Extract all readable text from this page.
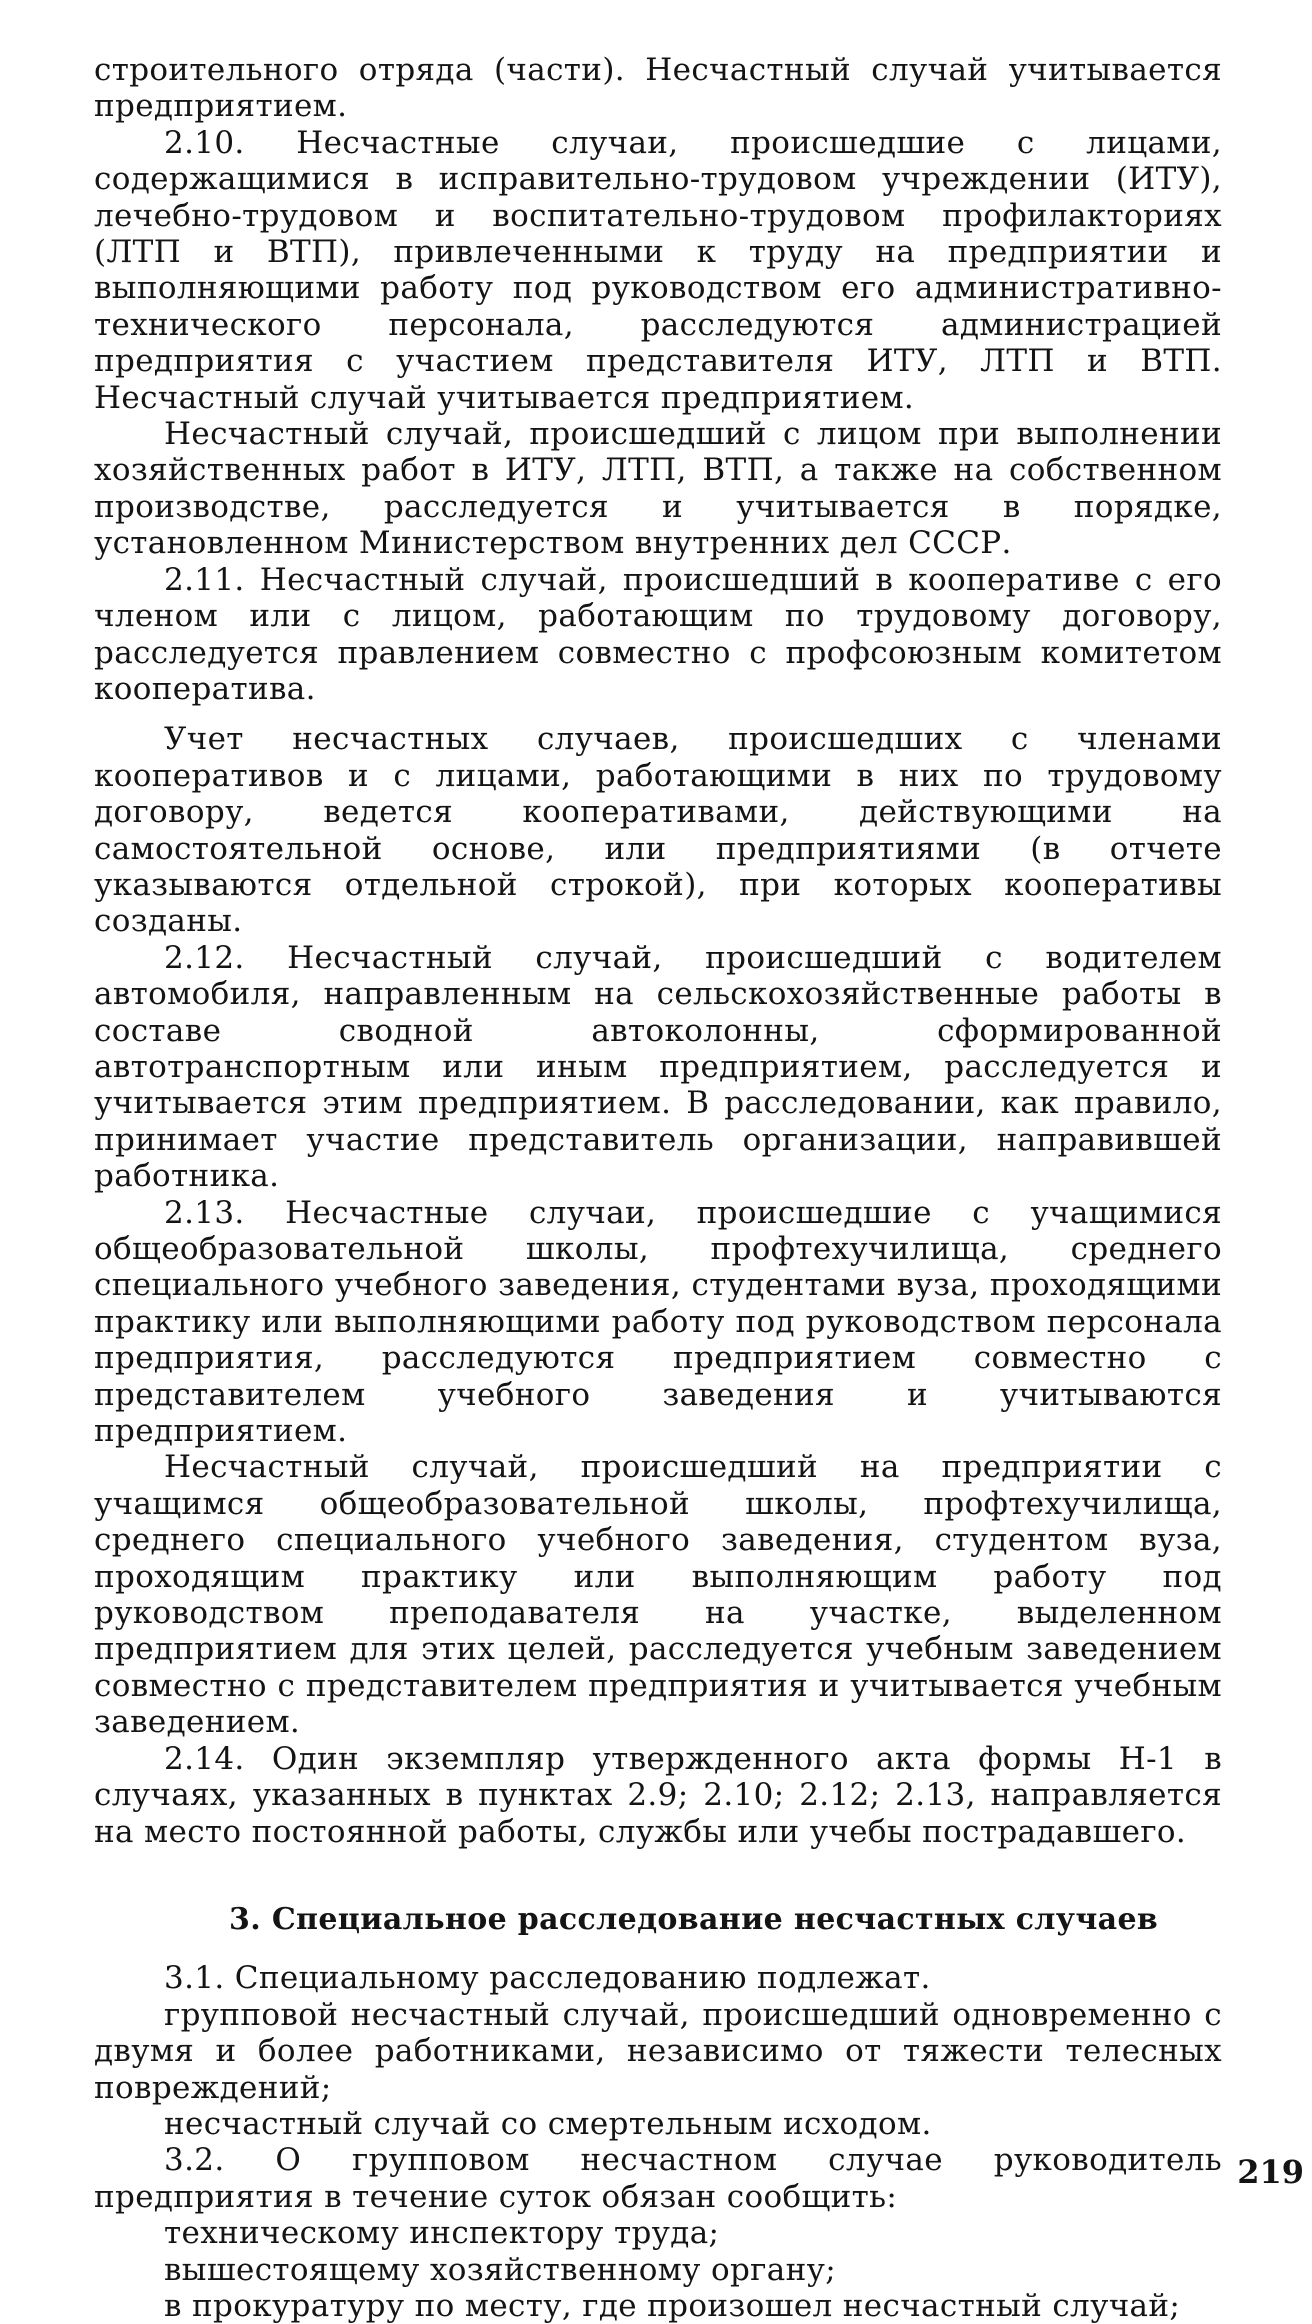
строительного отряда (части). Несчастный случай учитывается предприятием.

2.10. Несчастные случаи, происшедшие с лицами, содержащимися в исправительно-трудовом учреждении (ИТУ), лечебно-трудовом и воспитательно-трудовом профилакториях (ЛТП и ВТП), привлеченными к труду на предприятии и выполняющими работу под руководством его административно-технического персонала, расследуются администрацией предприятия с участием представителя ИТУ, ЛТП и ВТП. Несчастный случай учитывается предприятием.

Несчастный случай, происшедший с лицом при выполнении хозяйственных работ в ИТУ, ЛТП, ВТП, а также на собственном производстве, расследуется и учитывается в порядке, установленном Министерством внутренних дел СССР.

2.11. Несчастный случай, происшедший в кооперативе с его членом или с лицом, работающим по трудовому договору, расследуется правлением совместно с профсоюзным комитетом кооператива.

Учет несчастных случаев, происшедших с членами кооперативов и с лицами, работающими в них по трудовому договору, ведется кооперативами, действующими на самостоятельной основе, или предприятиями (в отчете указываются отдельной строкой), при которых кооперативы созданы.

2.12. Несчастный случай, происшедший с водителем автомобиля, направленным на сельскохозяйственные работы в составе сводной автоколонны, сформированной автотранспортным или иным предприятием, расследуется и учитывается этим предприятием. В расследовании, как правило, принимает участие представитель организации, направившей работника.

2.13. Несчастные случаи, происшедшие с учащимися общеобразовательной школы, профтехучилища, среднего специального учебного заведения, студентами вуза, проходящими практику или выполняющими работу под руководством персонала предприятия, расследуются предприятием совместно с представителем учебного заведения и учитываются предприятием.

Несчастный случай, происшедший на предприятии с учащимся общеобразовательной школы, профтехучилища, среднего специального учебного заведения, студентом вуза, проходящим практику или выполняющим работу под руководством преподавателя на участке, выделенном предприятием для этих целей, расследуется учебным заведением совместно с представителем предприятия и учитывается учебным заведением.

2.14. Один экземпляр утвержденного акта формы Н-1 в случаях, указанных в пунктах 2.9; 2.10; 2.12; 2.13, направляется на место постоянной работы, службы или учебы пострадавшего.

3. Специальное расследование несчастных случаев

3.1. Специальному расследованию подлежат.

групповой несчастный случай, происшедший одновременно с двумя и более работниками, независимо от тяжести телесных повреждений;

несчастный случай со смертельным исходом.

3.2. О групповом несчастном случае руководитель предприятия в течение суток обязан сообщить:

техническому инспектору труда;

вышестоящему хозяйственному органу;

в прокуратуру по месту, где произошел несчастный случай;

219
